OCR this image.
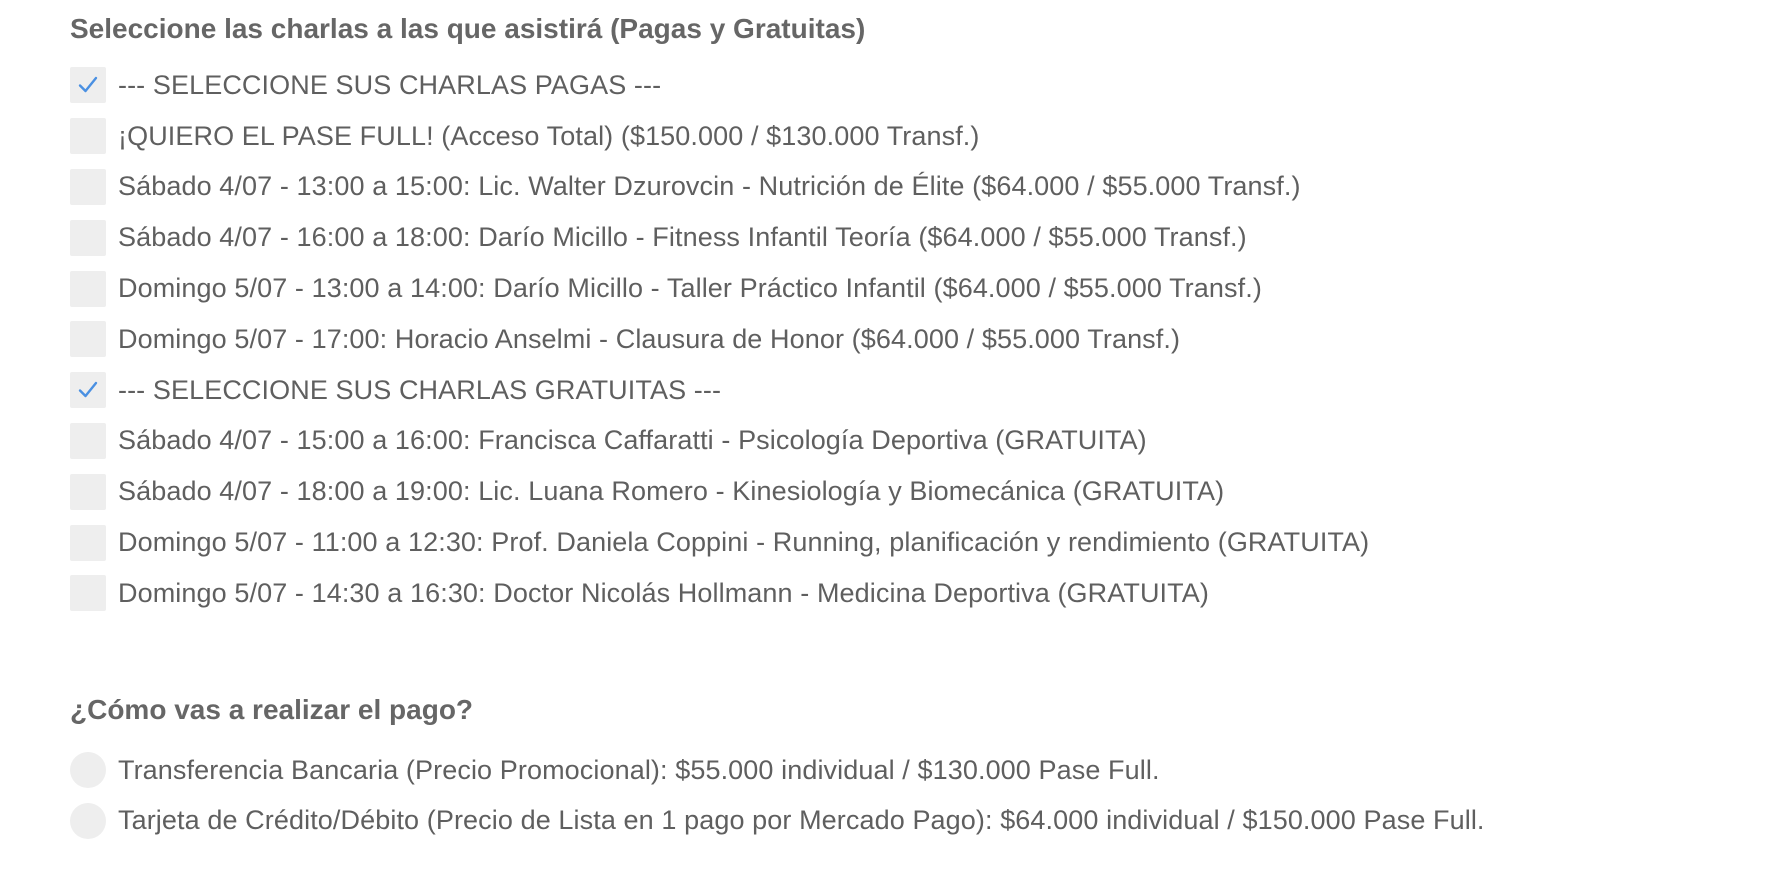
Seleccione las charlas a las que asistirá (Pagas y Gratuitas)
--- SELECCIONE SUS CHARLAS PAGAS ---
¡QUIERO EL PASE FULL! (Acceso Total) ($150.000 / $130.000 Transf.)
Sábado 4/07 - 13:00 a 15:00: Lic. Walter Dzurovcin - Nutrición de Élite ($64.000 / $55.000 Transf.)
Sábado 4/07 - 16:00 a 18:00: Darío Micillo - Fitness Infantil Teoría ($64.000 / $55.000 Transf.)
Domingo 5/07 - 13:00 a 14:00: Darío Micillo - Taller Práctico Infantil ($64.000 / $55.000 Transf.)
Domingo 5/07 - 17:00: Horacio Anselmi - Clausura de Honor ($64.000 / $55.000 Transf.)
--- SELECCIONE SUS CHARLAS GRATUITAS ---
Sábado 4/07 - 15:00 a 16:00: Francisca Caffaratti - Psicología Deportiva (GRATUITA)
Sábado 4/07 - 18:00 a 19:00: Lic. Luana Romero - Kinesiología y Biomecánica (GRATUITA)
Domingo 5/07 - 11:00 a 12:30: Prof. Daniela Coppini - Running, planificación y rendimiento (GRATUITA)
Domingo 5/07 - 14:30 a 16:30: Doctor Nicolás Hollmann - Medicina Deportiva (GRATUITA)
¿Cómo vas a realizar el pago?
Transferencia Bancaria (Precio Promocional): $55.000 individual / $130.000 Pase Full.
Tarjeta de Crédito/Débito (Precio de Lista en 1 pago por Mercado Pago): $64.000 individual / $150.000 Pase Full.
